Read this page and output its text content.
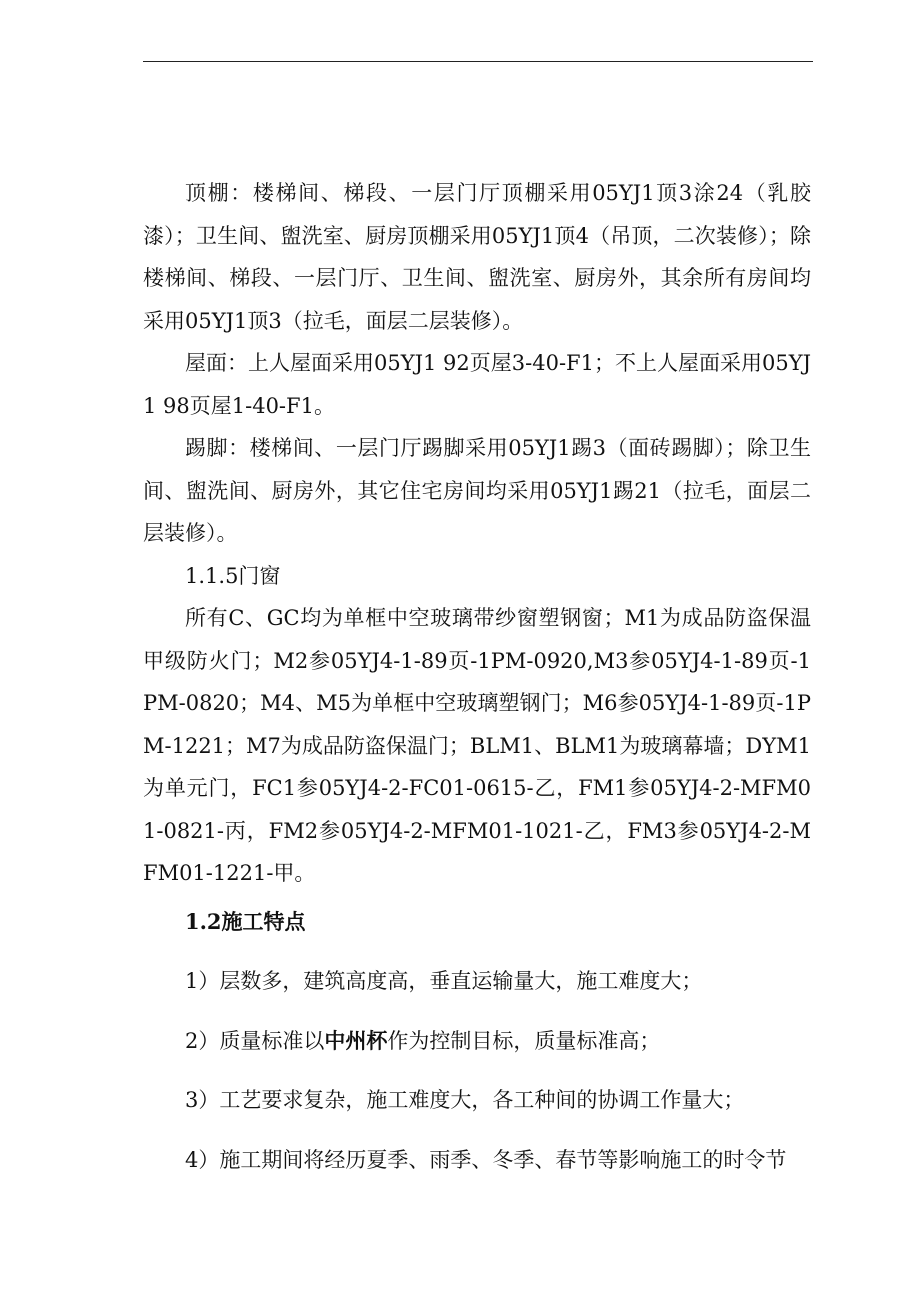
顶棚：楼梯间、梯段、一层门厅顶棚采用05YJ1顶3涂24（乳胶漆）；卫生间、盥洗室、厨房顶棚采用05YJ1顶4（吊顶，二次装修）；除楼梯间、梯段、一层门厅、卫生间、盥洗室、厨房外，其余所有房间均采用05YJ1顶3（拉毛，面层二层装修）。

屋面：上人屋面采用05YJ1 92页屋3-40-F1；不上人屋面采用05YJ1 98页屋1-40-F1。

踢脚：楼梯间、一层门厅踢脚采用05YJ1踢3（面砖踢脚）；除卫生间、盥洗间、厨房外，其它住宅房间均采用05YJ1踢21（拉毛，面层二层装修）。

1.1.5门窗

所有C、GC均为单框中空玻璃带纱窗塑钢窗；M1为成品防盗保温甲级防火门；M2参05YJ4-1-89页-1PM-0920,M3参05YJ4-1-89页-1PM-0820；M4、M5为单框中空玻璃塑钢门；M6参05YJ4-1-89页-1PM-1221；M7为成品防盗保温门；BLM1、BLM1为玻璃幕墙；DYM1为单元门，FC1参05YJ4-2-FC01-0615-乙，FM1参05YJ4-2-MFM01-0821-丙，FM2参05YJ4-2-MFM01-1021-乙，FM3参05YJ4-2-MFM01-1221-甲。

1.2施工特点

1）层数多，建筑高度高，垂直运输量大，施工难度大；

2）质量标准以中州杯作为控制目标，质量标准高；

3）工艺要求复杂，施工难度大，各工种间的协调工作量大；

4）施工期间将经历夏季、雨季、冬季、春节等影响施工的时令节
